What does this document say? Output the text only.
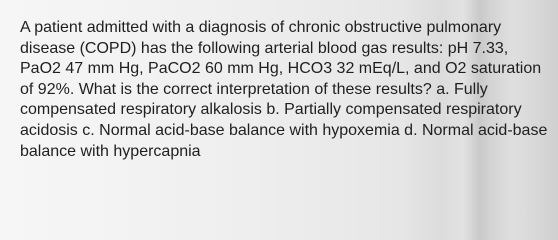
A patient admitted with a diagnosis of chronic obstructive pulmonary disease (COPD) has the following arterial blood gas results: pH 7.33, PaO2 47 mm Hg, PaCO2 60 mm Hg, HCO3 32 mEq/L, and O2 saturation of 92%. What is the correct interpretation of these results? a. Fully compensated respiratory alkalosis b. Partially compensated respiratory acidosis c. Normal acid-base balance with hypoxemia d. Normal acid-base balance with hypercapnia
